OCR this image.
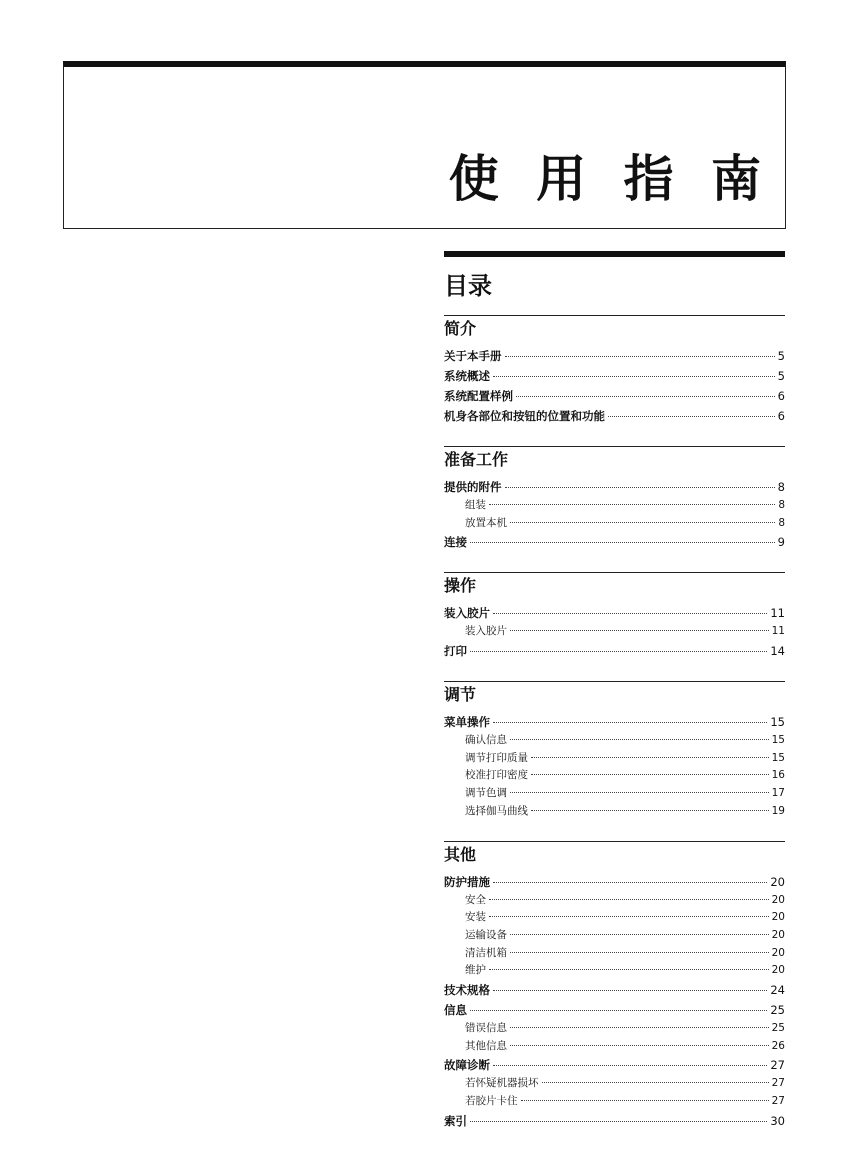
使 用 指 南
目录
简介
关于本手册	5
系统概述	5
系统配置样例	6
机身各部位和按钮的位置和功能	6
准备工作
提供的附件	8
组装	8
放置本机	8
连接	9
操作
装入胶片	11
装入胶片	11
打印	14
调节
菜单操作	15
确认信息	15
调节打印质量	15
校准打印密度	16
调节色调	17
选择伽马曲线	19
其他
防护措施	20
安全	20
安装	20
运输设备	20
清洁机箱	20
维护	20
技术规格	24
信息	25
错误信息	25
其他信息	26
故障诊断	27
若怀疑机器损坏	27
若胶片卡住	27
索引	30
